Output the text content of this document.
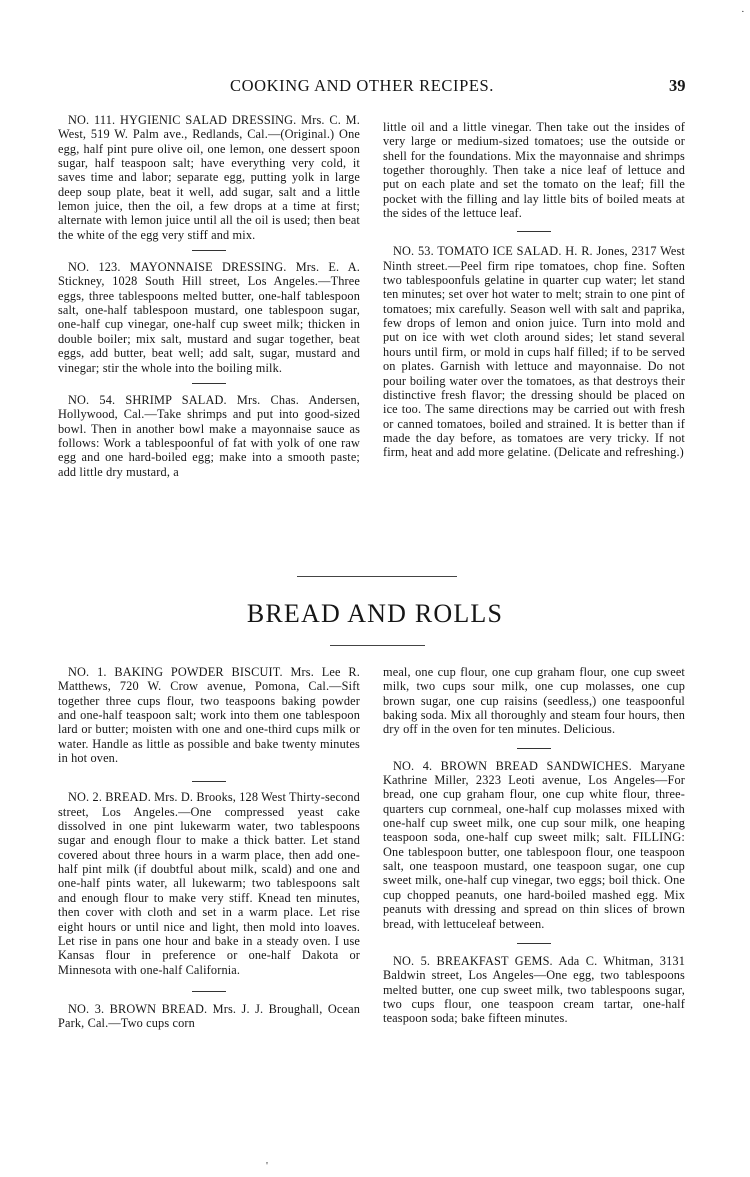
COOKING AND OTHER RECIPES.	39

NO. 111. HYGIENIC SALAD DRESSING. Mrs. C. M. West, 519 W. Palm ave., Redlands, Cal.—(Original.) One egg, half pint pure olive oil, one lemon, one dessert spoon sugar, half teaspoon salt; have everything very cold, it saves time and labor; separate egg, putting yolk in large deep soup plate, beat it well, add sugar, salt and a little lemon juice, then the oil, a few drops at a time at first; alternate with lemon juice until all the oil is used; then beat the white of the egg very stiff and mix.

NO. 123. MAYONNAISE DRESSING. Mrs. E. A. Stickney, 1028 South Hill street, Los Angeles.—Three eggs, three tablespoons melted butter, one-half tablespoon salt, one-half tablespoon mustard, one tablespoon sugar, one-half cup vinegar, one-half cup sweet milk; thicken in double boiler; mix salt, mustard and sugar together, beat eggs, add butter, beat well; add salt, sugar, mustard and vinegar; stir the whole into the boiling milk.

NO. 54. SHRIMP SALAD. Mrs. Chas. Andersen, Hollywood, Cal.—Take shrimps and put into good-sized bowl. Then in another bowl make a mayonnaise sauce as follows: Work a tablespoonful of fat with yolk of one raw egg and one hard-boiled egg; make into a smooth paste; add little dry mustard, a

little oil and a little vinegar. Then take out the insides of very large or medium-sized tomatoes; use the outside or shell for the foundations. Mix the mayonnaise and shrimps together thoroughly. Then take a nice leaf of lettuce and put on each plate and set the tomato on the leaf; fill the pocket with the filling and lay little bits of boiled meats at the sides of the lettuce leaf.

NO. 53. TOMATO ICE SALAD. H. R. Jones, 2317 West Ninth street.—Peel firm ripe tomatoes, chop fine. Soften two tablespoonfuls gelatine in quarter cup water; let stand ten minutes; set over hot water to melt; strain to one pint of tomatoes; mix carefully. Season well with salt and paprika, few drops of lemon and onion juice. Turn into mold and put on ice with wet cloth around sides; let stand several hours until firm, or mold in cups half filled; if to be served on plates. Garnish with lettuce and mayonnaise. Do not pour boiling water over the tomatoes, as that destroys their distinctive fresh flavor; the dressing should be placed on ice too. The same directions may be carried out with fresh or canned tomatoes, boiled and strained. It is better than if made the day before, as tomatoes are very tricky. If not firm, heat and add more gelatine. (Delicate and refreshing.)

BREAD AND ROLLS

NO. 1. BAKING POWDER BISCUIT. Mrs. Lee R. Matthews, 720 W. Crow avenue, Pomona, Cal.—Sift together three cups flour, two teaspoons baking powder and one-half teaspoon salt; work into them one tablespoon lard or butter; moisten with one and one-third cups milk or water. Handle as little as possible and bake twenty minutes in hot oven.

NO. 2. BREAD. Mrs. D. Brooks, 128 West Thirty-second street, Los Angeles.—One compressed yeast cake dissolved in one pint lukewarm water, two tablespoons sugar and enough flour to make a thick batter. Let stand covered about three hours in a warm place, then add one-half pint milk (if doubtful about milk, scald) and one and one-half pints water, all lukewarm; two tablespoons salt and enough flour to make very stiff. Knead ten minutes, then cover with cloth and set in a warm place. Let rise eight hours or until nice and light, then mold into loaves. Let rise in pans one hour and bake in a steady oven. I use Kansas flour in preference or one-half Dakota or Minnesota with one-half California.

NO. 3. BROWN BREAD. Mrs. J. J. Broughall, Ocean Park, Cal.—Two cups corn

meal, one cup flour, one cup graham flour, one cup sweet milk, two cups sour milk, one cup molasses, one cup brown sugar, one cup raisins (seedless,) one teaspoonful baking soda. Mix all thoroughly and steam four hours, then dry off in the oven for ten minutes. Delicious.

NO. 4. BROWN BREAD SANDWICHES. Maryane Kathrine Miller, 2323 Leoti avenue, Los Angeles—For bread, one cup graham flour, one cup white flour, three-quarters cup cornmeal, one-half cup molasses mixed with one-half cup sweet milk, one cup sour milk, one heaping teaspoon soda, one-half cup sweet milk; salt. FILLING: One tablespoon butter, one tablespoon flour, one teaspoon salt, one teaspoon mustard, one teaspoon sugar, one cup sweet milk, one-half cup vinegar, two eggs; boil thick. One cup chopped peanuts, one hard-boiled mashed egg. Mix peanuts with dressing and spread on thin slices of brown bread, with lettuceleaf between.

NO. 5. BREAKFAST GEMS. Ada C. Whitman, 3131 Baldwin street, Los Angeles—One egg, two tablespoons melted butter, one cup sweet milk, two tablespoons sugar, two cups flour, one teaspoon cream tartar, one-half teaspoon soda; bake fifteen minutes.

·
'
